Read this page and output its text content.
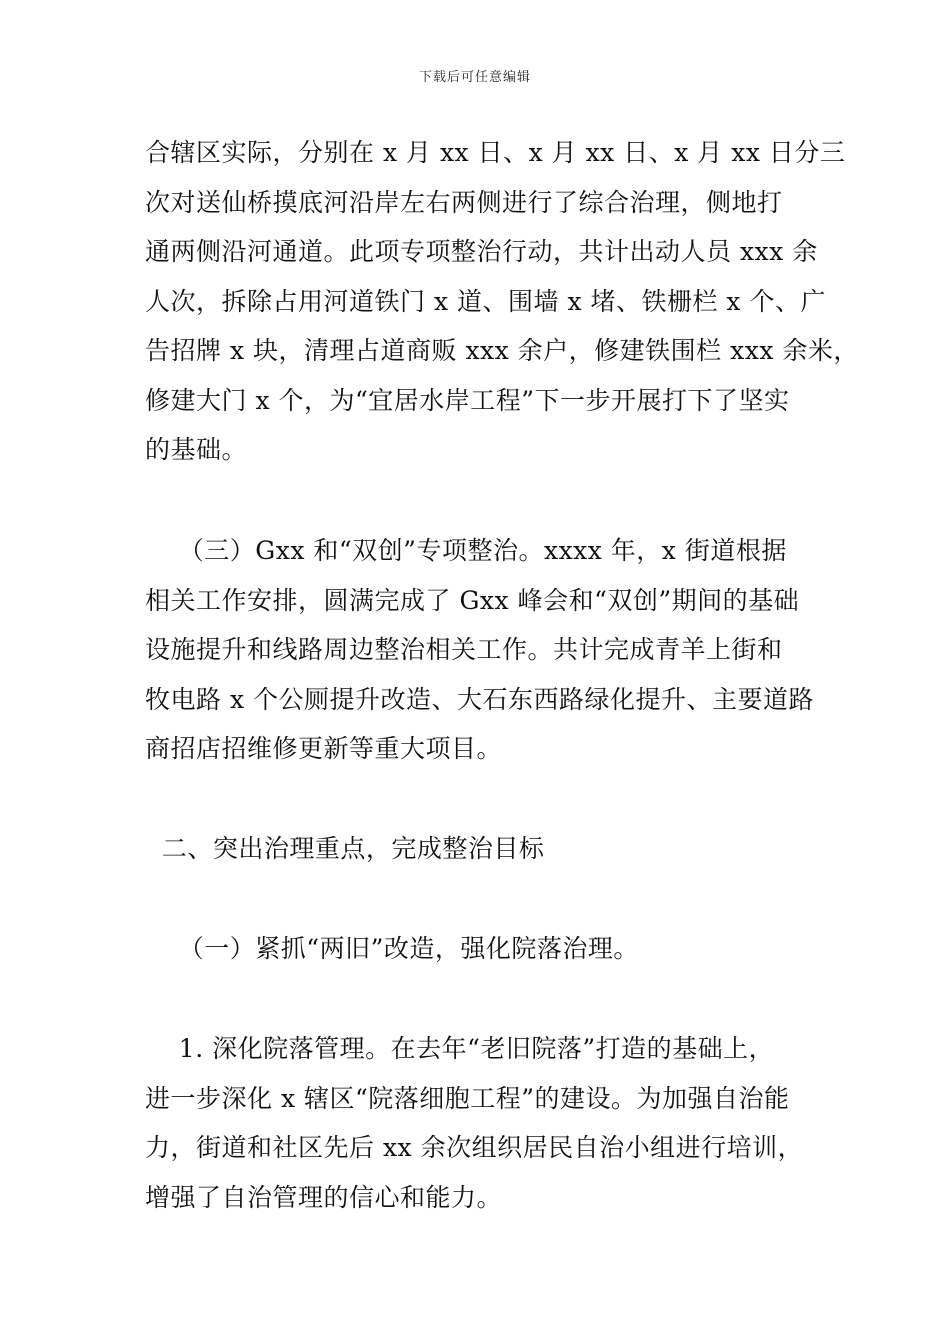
下载后可任意编辑
合辖区实际，分别在 x 月 xx 日、x 月 xx 日、x 月 xx 日分三
次对送仙桥摸底河沿岸左右两侧进行了综合治理，侧地打
通两侧沿河通道。此项专项整治行动，共计出动人员 xxx 余
人次，拆除占用河道铁门 x 道、围墙 x 堵、铁栅栏 x 个、广
告招牌 x 块，清理占道商贩 xxx 余户，修建铁围栏 xxx 余米，
修建大门 x 个，为“宜居水岸工程”下一步开展打下了坚实
的基础。
（三）Gxx 和“双创”专项整治。xxxx 年，x 街道根据
相关工作安排，圆满完成了 Gxx 峰会和“双创”期间的基础
设施提升和线路周边整治相关工作。共计完成青羊上街和
牧电路 x 个公厕提升改造、大石东西路绿化提升、主要道路
商招店招维修更新等重大项目。
二、突出治理重点，完成整治目标
（一）紧抓“两旧”改造，强化院落治理。
1. 深化院落管理。在去年“老旧院落”打造的基础上，
进一步深化 x 辖区“院落细胞工程”的建设。为加强自治能
力，街道和社区先后 xx 余次组织居民自治小组进行培训，
增强了自治管理的信心和能力。
